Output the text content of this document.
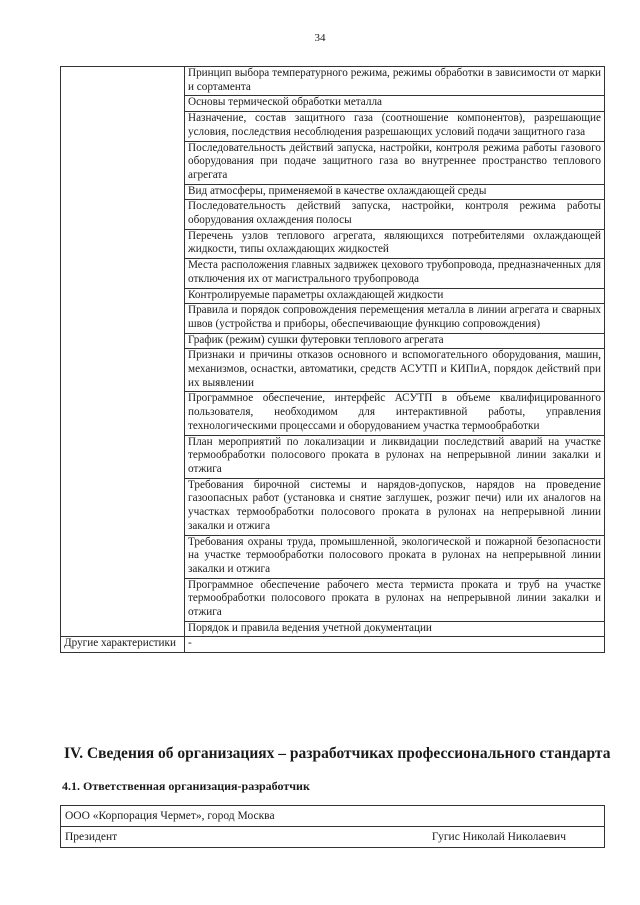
34
	Принцип выбора температурного режима, режимы обработки в зависимости от марки и сортамента
	Основы термической обработки металла
	Назначение, состав защитного газа (соотношение компонентов), разрешающие условия, последствия несоблюдения разрешающих условий подачи защитного газа
	Последовательность действий запуска, настройки, контроля режима работы газового оборудования при подаче защитного газа во внутреннее пространство теплового агрегата
	Вид атмосферы, применяемой в качестве охлаждающей среды
	Последовательность действий запуска, настройки, контроля режима работы оборудования охлаждения полосы
	Перечень узлов теплового агрегата, являющихся потребителями охлаждающей жидкости, типы охлаждающих жидкостей
	Места расположения главных задвижек цехового трубопровода, предназначенных для отключения их от магистрального трубопровода
	Контролируемые параметры охлаждающей жидкости
	Правила и порядок сопровождения перемещения металла в линии агрегата и сварных швов (устройства и приборы, обеспечивающие функцию сопровождения)
	График (режим) сушки футеровки теплового агрегата
	Признаки и причины отказов основного и вспомогательного оборудования, машин, механизмов, оснастки, автоматики, средств АСУТП и КИПиА, порядок действий при их выявлении
	Программное обеспечение, интерфейс АСУТП в объеме квалифицированного пользователя, необходимом для интерактивной работы, управления технологическими процессами и оборудованием участка термообработки
	План мероприятий по локализации и ликвидации последствий аварий на участке термообработки полосового проката в рулонах на непрерывной линии закалки и отжига
	Требования бирочной системы и нарядов-допусков, нарядов на проведение газоопасных работ (установка и снятие заглушек, розжиг печи) или их аналогов на участках термообработки полосового проката в рулонах на непрерывной линии закалки и отжига
	Требования охраны труда, промышленной, экологической и пожарной безопасности на участке термообработки полосового проката в рулонах на непрерывной линии закалки и отжига
	Программное обеспечение рабочего места термиста проката и труб на участке термообработки полосового проката в рулонах на непрерывной линии закалки и отжига
	Порядок и правила ведения учетной документации
Другие характеристики	-
IV. Сведения об организациях – разработчиках профессионального стандарта
4.1. Ответственная организация-разработчик
ООО «Корпорация Чермет», город Москва

Президент	Гугис Николай Николаевич
